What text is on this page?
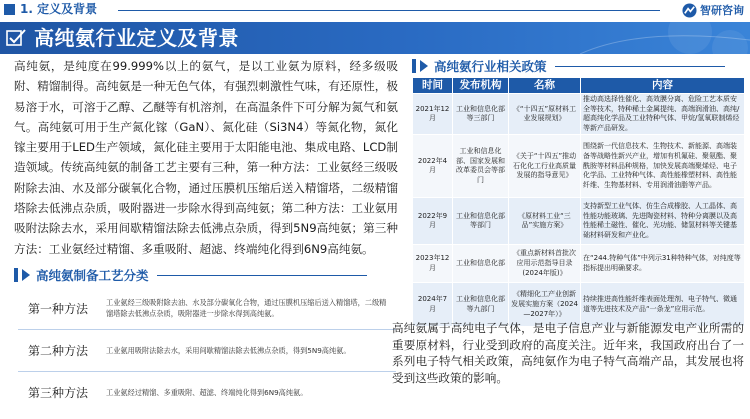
1. 定义及背景	智研咨询
高纯氨行业定义及背景
高纯氨，是纯度在99.999%以上的氨气，是以工业氨为原料，经多级吸附、精馏制得。高纯氨是一种无色气体，有强烈刺激性气味，有还原性，极易溶于水，可溶于乙醇、乙醚等有机溶剂，在高温条件下可分解为氮气和氨气。高纯氨可用于生产氮化镓（GaN）、氮化硅（Si3N4）等氮化物，氮化镓主要用于LED生产领域，氮化硅主要用于太阳能电池、集成电路、LCD制造领域。传统高纯氨的制备工艺主要有三种，第一种方法：工业氨经三级吸附除去油、水及部分碳氧化合物，通过压膜机压缩后送入精馏塔，二级精馏塔除去低沸点杂质，吸附器进一步除水得到高纯氨；第二种方法：工业氨用吸附法除去水，采用间歇精馏法除去低沸点杂质，得到5N9高纯氨；第三种方法：工业氨经过精馏、多重吸附、超滤、终端纯化得到6N9高纯氨。
高纯氨制备工艺分类
第一种方法	工业氨经三级吸附除去油、水及部分碳氧化合物，通过压膜机压缩后送入精馏塔，二级精馏塔除去低沸点杂质，吸附器进一步除水得到高纯氨。
第二种方法	工业氨用吸附法除去水，采用间歇精馏法除去低沸点杂质，得到5N9高纯氨。
第三种方法	工业氨经过精馏、多重吸附、超滤、终端纯化得到6N9高纯氨。
高纯氨行业相关政策
时间	发布机构	名称	内容
2021年12月	工业和信息化部等三部门	《“十四五”原材料工业发展规划》	推动高选择性催化、高效膜分离、危险工艺本质安全等技术，特种稀土金属提纯、高端润滑油、高纯/超高纯化学品及工业特种气体、甲烷/氢氧联制烯烃等新产品研发。
2022年4月	工业和信息化部、国家发展和改革委员会等部门	《关于“十四五”推动石化化工行业高质量发展的指导意见》	围绕新一代信息技术、生物技术、新能源、高端装备等战略性新兴产业，增加有机氟硅、聚氨酯、聚酰胺等材料品种规格，加快发展高端聚烯烃、电子化学品、工业特种气体、高性能橡塑材料、高性能纤维、生物基材料、专用润滑油脂等产品。
2022年9月	工业和信息化部等部门	《原材料工业“三品”实施方案》	支持新型工业气体、仿生合成橡胶、人工晶体、高性能功能玻璃、先进陶瓷材料、特种分离膜以及高性能稀土磁性、催化、光功能、储氢材料等关键基础材料研发和产业化。
2023年12月	工业和信息化部	《重点新材料首批次应用示范指导目录(2024年版)》	在“244.特种气体”中列示31种特种气体，对纯度等指标提出明确要求。
2024年7月	工业和信息化部等九部门	《精细化工产业创新发展实施方案（2024—2027年）》	持续推进高性能纤维表面处理剂、电子特气、微通道等先进技术及产品“一条龙”应用示范。
高纯氨属于高纯电子气体，是电子信息产业与新能源发电产业所需的重要原材料，行业受到政府的高度关注。近年来，我国政府出台了一系列电子特气相关政策，高纯氨作为电子特气高端产品，其发展也将受到这些政策的影响。
